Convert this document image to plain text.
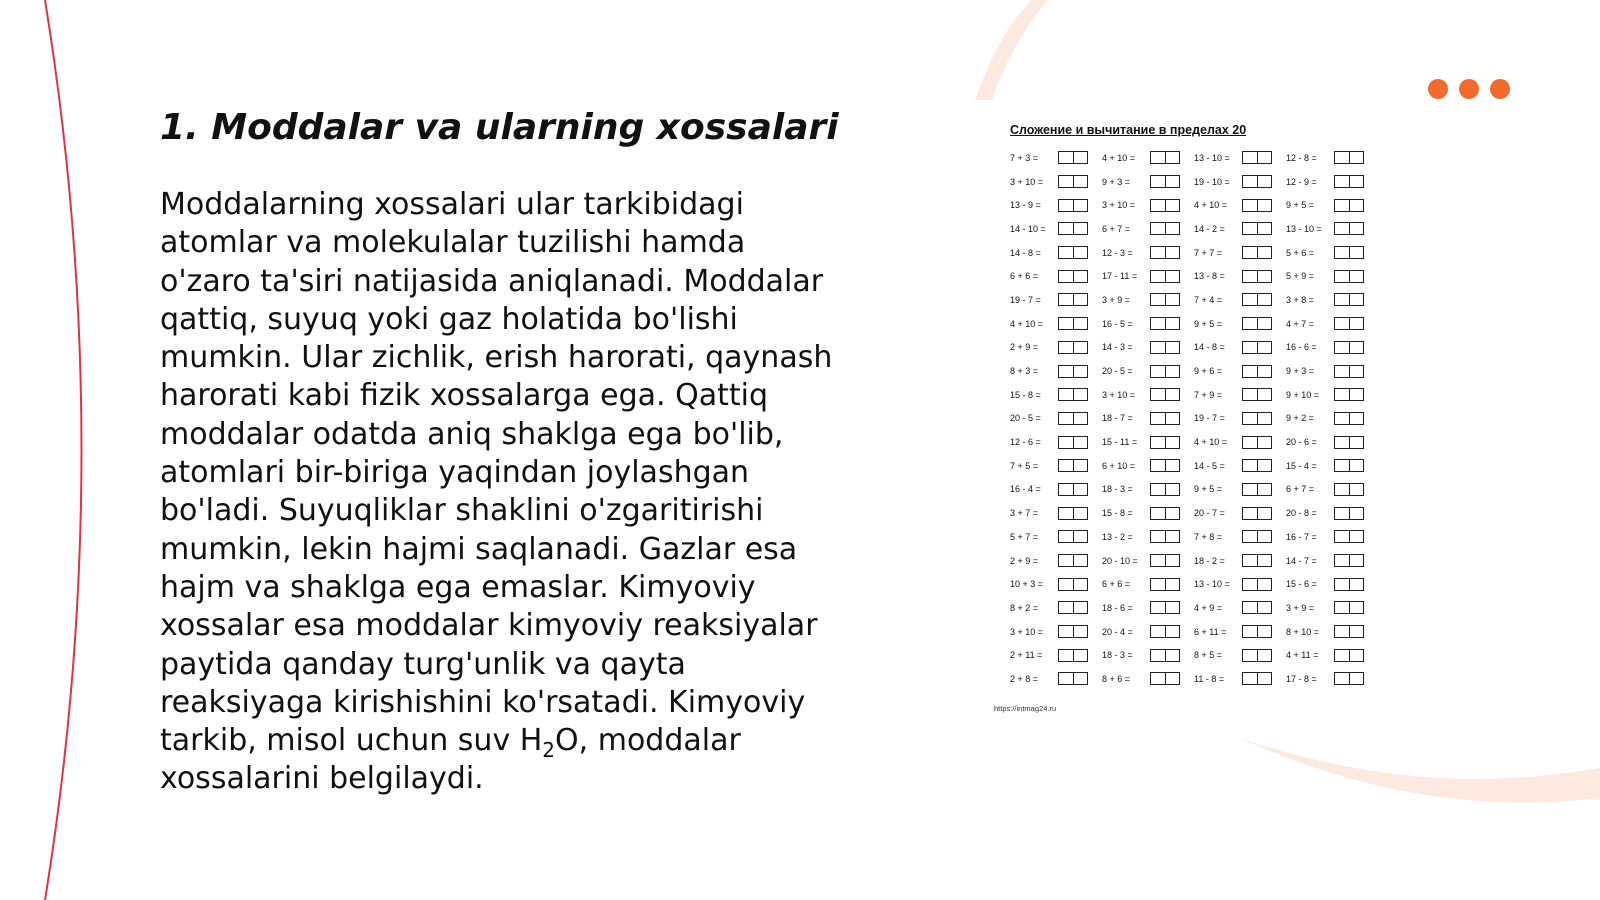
1. Moddalar va ularning xossalari

Moddalarning xossalari ular tarkibidagi atomlar va molekulalar tuzilishi hamda o'zaro ta'siri natijasida aniqlanadi. Moddalar qattiq, suyuq yoki gaz holatida bo'lishi mumkin. Ular zichlik, erish harorati, qaynash harorati kabi fizik xossalarga ega. Qattiq moddalar odatda aniq shaklga ega bo'lib, atomlari bir-biriga yaqindan joylashgan bo'ladi. Suyuqliklar shaklini o'zgaritirishi mumkin, lekin hajmi saqlanadi. Gazlar esa hajm va shaklga ega emaslar. Kimyoviy xossalar esa moddalar kimyoviy reaksiyalar paytida qanday turg'unlik va qayta reaksiyaga kirishishini ko'rsatadi. Kimyoviy tarkib, misol uchun suv $H_2O$, moddalar xossalarini belgilaydi.

Сложение и вычитание в пределах 20
7 + 3 =	4 + 10 =	13 - 10 =	12 - 8 =
3 + 10 =	9 + 3 =	19 - 10 =	12 - 9 =
13 - 9 =	3 + 10 =	4 + 10 =	9 + 5 =
14 - 10 =	6 + 7 =	14 - 2 =	13 - 10 =
14 - 8 =	12 - 3 =	7 + 7 =	5 + 6 =
6 + 6 =	17 - 11 =	13 - 8 =	5 + 9 =
19 - 7 =	3 + 9 =	7 + 4 =	3 + 8 =
4 + 10 =	16 - 5 =	9 + 5 =	4 + 7 =
2 + 9 =	14 - 3 =	14 - 8 =	16 - 6 =
8 + 3 =	20 - 5 =	9 + 6 =	9 + 3 =
15 - 8 =	3 + 10 =	7 + 9 =	9 + 10 =
20 - 5 =	18 - 7 =	19 - 7 =	9 + 2 =
12 - 6 =	15 - 11 =	4 + 10 =	20 - 6 =
7 + 5 =	6 + 10 =	14 - 5 =	15 - 4 =
16 - 4 =	18 - 3 =	9 + 5 =	6 + 7 =
3 + 7 =	15 - 8 =	20 - 7 =	20 - 8 =
5 + 7 =	13 - 2 =	7 + 8 =	16 - 7 =
2 + 9 =	20 - 10 =	18 - 2 =	14 - 7 =
10 + 3 =	6 + 6 =	13 - 10 =	15 - 6 =
8 + 2 =	18 - 6 =	4 + 9 =	3 + 9 =
3 + 10 =	20 - 4 =	6 + 11 =	8 + 10 =
2 + 11 =	18 - 3 =	8 + 5 =	4 + 11 =
2 + 8 =	8 + 6 =	11 - 8 =	17 - 8 =
https://intmag24.ru
